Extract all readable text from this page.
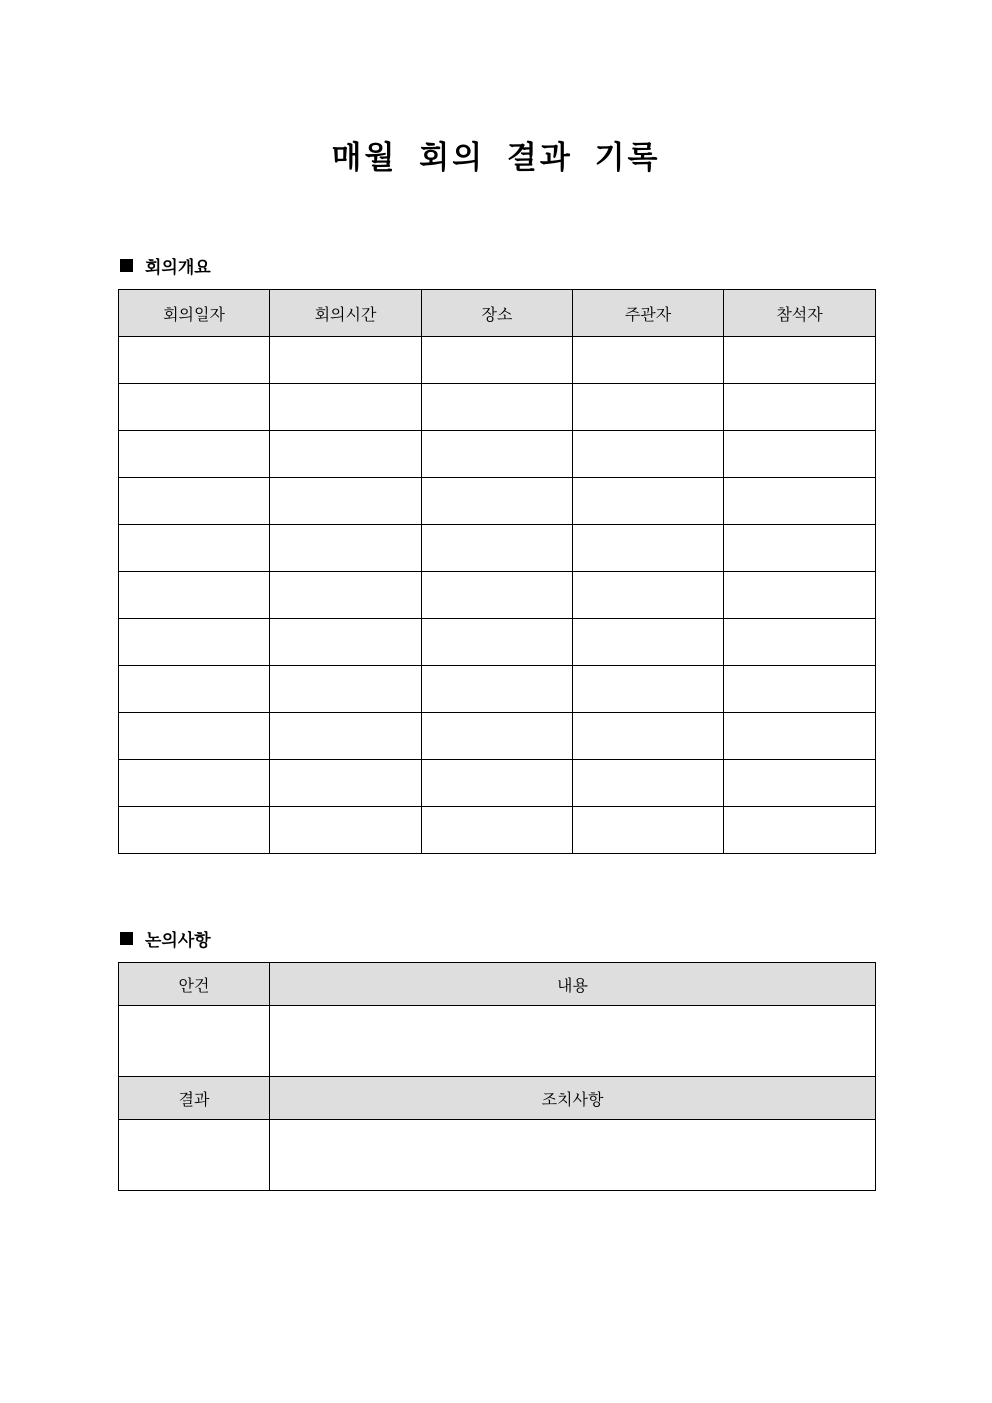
매월 회의 결과 기록
회의개요
회의일자	회의시간	장소	주관자	참석자

논의사항
안건	내용

결과	조치사항
